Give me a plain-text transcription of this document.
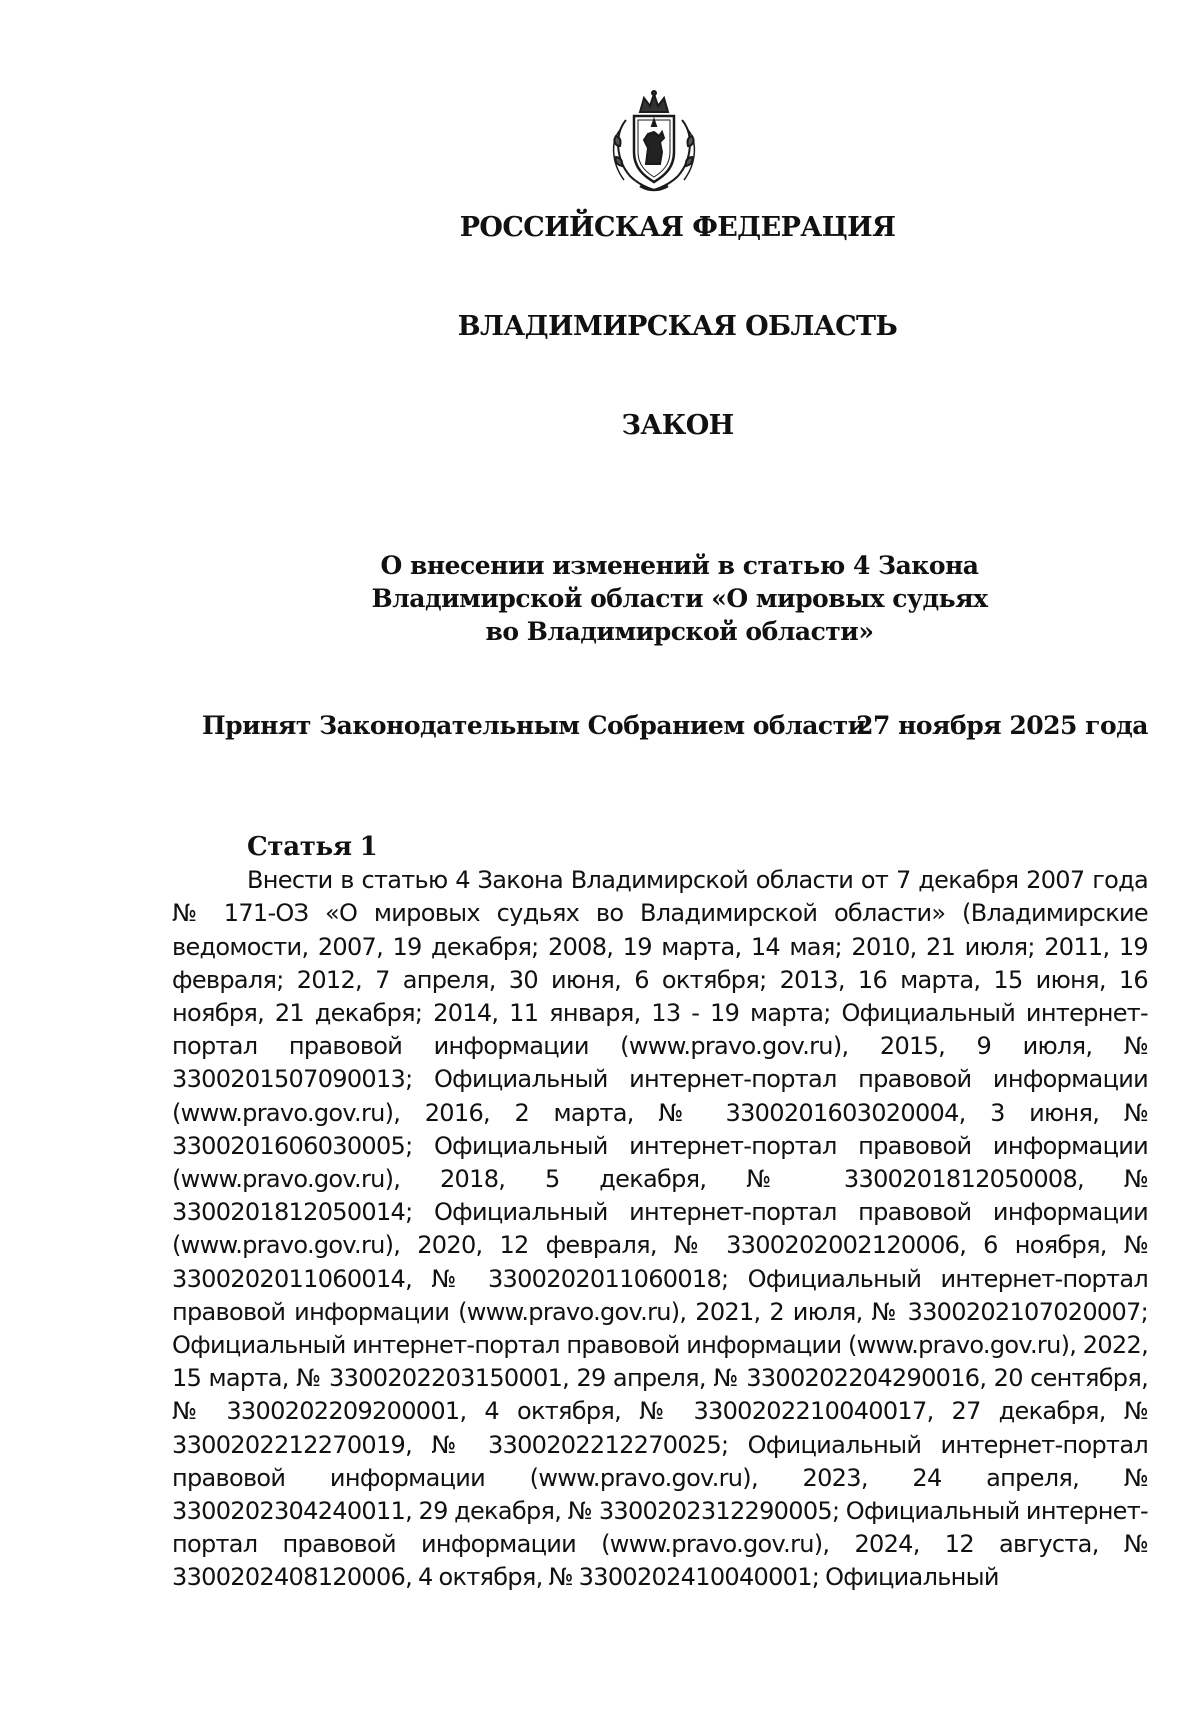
РОССИЙСКАЯ ФЕДЕРАЦИЯ
ВЛАДИМИРСКАЯ ОБЛАСТЬ
ЗАКОН
О внесении изменений в статью 4 Закона
Владимирской области «О мировых судьях
во Владимирской области»
Принят Законодательным Собранием области
27 ноября 2025 года
Статья 1

Внести в статью 4 Закона Владимирской области от 7 декабря 2007 года № 171-ОЗ «О мировых судьях во Владимирской области» (Владимирские ведомости, 2007, 19 декабря; 2008, 19 марта, 14 мая; 2010, 21 июля; 2011, 19 февраля; 2012, 7 апреля, 30 июня, 6 октября; 2013, 16 марта, 15 июня, 16 ноября, 21 декабря; 2014, 11 января, 13 - 19 марта; Официальный интернет-портал правовой информации (www.pravo.gov.ru), 2015, 9 июля, № 3300201507090013; Официальный интернет-портал правовой информации (www.pravo.gov.ru), 2016, 2 марта, № 3300201603020004, 3 июня, № 3300201606030005; Официальный интернет-портал правовой информации (www.pravo.gov.ru), 2018, 5 декабря, № 3300201812050008, № 3300201812050014; Официальный интернет-портал правовой информации (www.pravo.gov.ru), 2020, 12 февраля, № 3300202002120006, 6 ноября, № 3300202011060014, № 3300202011060018; Официальный интернет-портал правовой информации (www.pravo.gov.ru), 2021, 2 июля, № 3300202107020007; Официальный интернет-портал правовой информации (www.pravo.gov.ru), 2022, 15 марта, № 3300202203150001, 29 апреля, № 3300202204290016, 20 сентября, № 3300202209200001, 4 октября, № 3300202210040017, 27 декабря, № 3300202212270019, № 3300202212270025; Официальный интернет-портал правовой информации (www.pravo.gov.ru), 2023, 24 апреля, № 3300202304240011, 29 декабря, № 3300202312290005; Официальный интернет-портал правовой информации (www.pravo.gov.ru), 2024, 12 августа, № 3300202408120006, 4 октября, № 3300202410040001; Официальный
